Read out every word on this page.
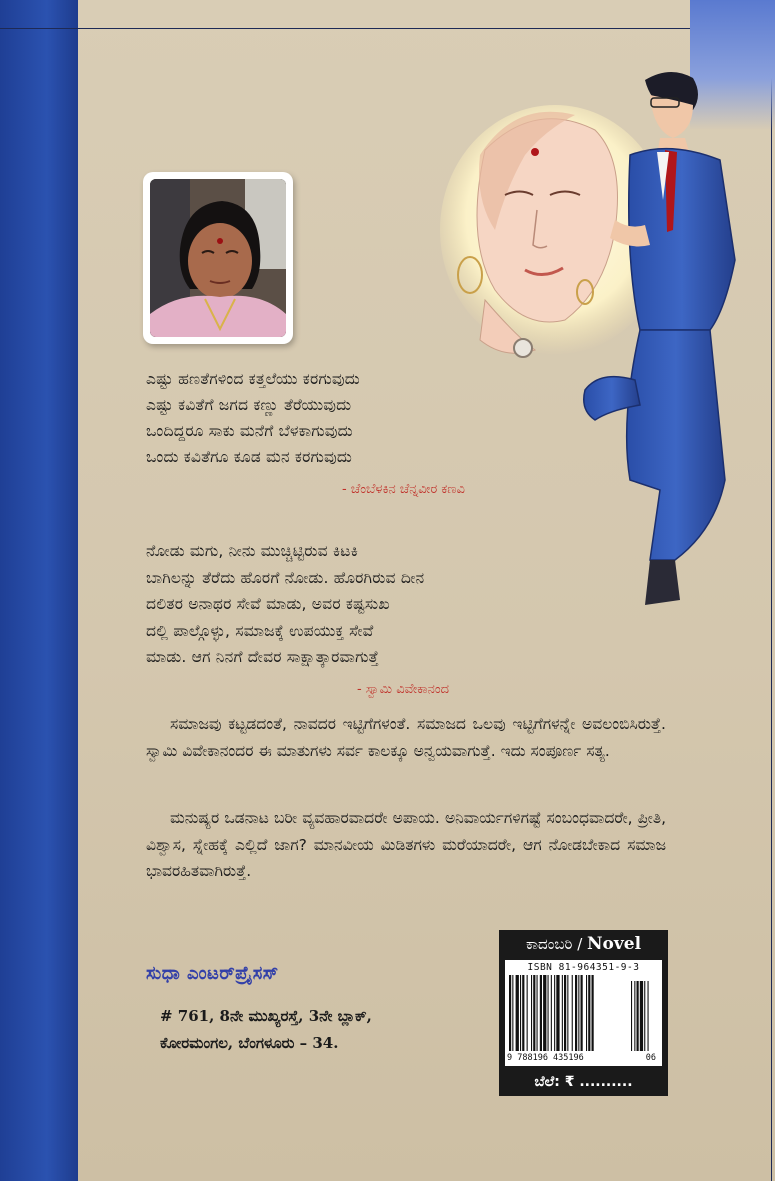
ಎಷ್ಟು ಹಣತೆಗಳಿಂದ ಕತ್ತಲೆಯು ಕರಗುವುದು
ಎಷ್ಟು ಕವಿತೆಗೆ ಜಗದ ಕಣ್ಣು ತೆರೆಯುವುದು
ಒಂದಿದ್ದರೂ ಸಾಕು ಮನೆಗೆ ಬೆಳಕಾಗುವುದು
ಒಂದು ಕವಿತೆಗೂ ಕೂಡ ಮನ ಕರಗುವುದು
- ಚೆಂಬೆಳಕಿನ ಚೆನ್ನವೀರ ಕಣವಿ
ನೋಡು ಮಗು, ನೀನು ಮುಚ್ಚಿಟ್ಟಿರುವ ಕಿಟಕಿ
ಬಾಗಿಲನ್ನು ತೆರೆದು ಹೊರಗೆ ನೋಡು. ಹೊರಗಿರುವ ದೀನ
ದಲಿತರ ಅನಾಥರ ಸೇವೆ ಮಾಡು, ಅವರ ಕಷ್ಟಸುಖ
ದಲ್ಲಿ ಪಾಲ್ಗೊಳ್ಳು, ಸಮಾಜಕ್ಕೆ ಉಪಯುಕ್ತ ಸೇವೆ
ಮಾಡು. ಆಗ ನಿನಗೆ ದೇವರ ಸಾಕ್ಷಾತ್ಕಾರವಾಗುತ್ತೆ
- ಸ್ವಾಮಿ ವಿವೇಕಾನಂದ
ಸಮಾಜವು ಕಟ್ಟಡದಂತೆ, ನಾವದರ ಇಟ್ಟಿಗೆಗಳಂತೆ. ಸಮಾಜದ ಒಲವು ಇಟ್ಟಿಗೆಗಳನ್ನೇ ಅವಲಂಬಿಸಿರುತ್ತೆ. ಸ್ವಾಮಿ ವಿವೇಕಾನಂದರ ಈ ಮಾತುಗಳು ಸರ್ವ ಕಾಲಕ್ಕೂ ಅನ್ವಯವಾಗುತ್ತೆ. ಇದು ಸಂಪೂರ್ಣ ಸತ್ಯ.
ಮನುಷ್ಯರ ಒಡನಾಟ ಬರೀ ವ್ಯವಹಾರವಾದರೇ ಅಪಾಯ. ಅನಿವಾರ್ಯಗಳಿಗಷ್ಟೆ ಸಂಬಂಧವಾದರೇ, ಪ್ರೀತಿ, ವಿಶ್ವಾಸ, ಸ್ನೇಹಕ್ಕೆ ಎಲ್ಲಿದೆ ಜಾಗ? ಮಾನವೀಯ ಮಿಡಿತಗಳು ಮರೆಯಾದರೇ, ಆಗ ನೋಡಬೇಕಾದ ಸಮಾಜ ಭಾವರಹಿತವಾಗಿರುತ್ತೆ.
ಸುಧಾ ಎಂಟರ್‌ಪ್ರೈಸಸ್
# 761, 8ನೇ ಮುಖ್ಯರಸ್ತೆ, 3ನೇ ಬ್ಲಾಕ್,
ಕೋರಮಂಗಲ, ಬೆಂಗಳೂರು – 34.
ಕಾದಂಬರಿ / Novel
ISBN 81-964351-9-3
9 788196 435196	06
ಬೆಲೆ: ₹ ..........
